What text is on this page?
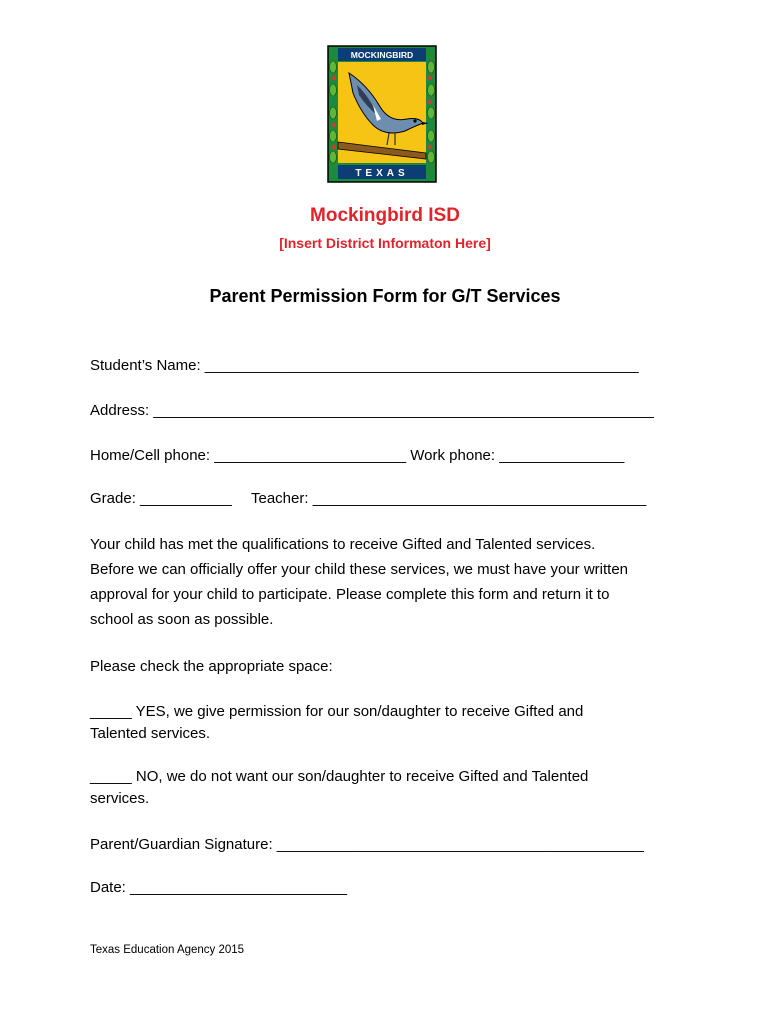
MOCKINGBIRD
TEXAS
Mockingbird ISD
[Insert District Informaton Here]
Parent Permission Form for G/T Services
Student’s Name: ____________________________________________________
Address: ____________________________________________________________
Home/Cell phone: _______________________ Work phone: _______________
Grade: ___________ Teacher: ________________________________________
Your child has met the qualifications to receive Gifted and Talented services.
Before we can officially offer your child these services, we must have your written
approval for your child to participate. Please complete this form and return it to
school as soon as possible.
Please check the appropriate space:
_____ YES, we give permission for our son/daughter to receive Gifted and
Talented services.
_____ NO, we do not want our son/daughter to receive Gifted and Talented
services.
Parent/Guardian Signature: ____________________________________________
Date: __________________________
Texas Education Agency 2015
